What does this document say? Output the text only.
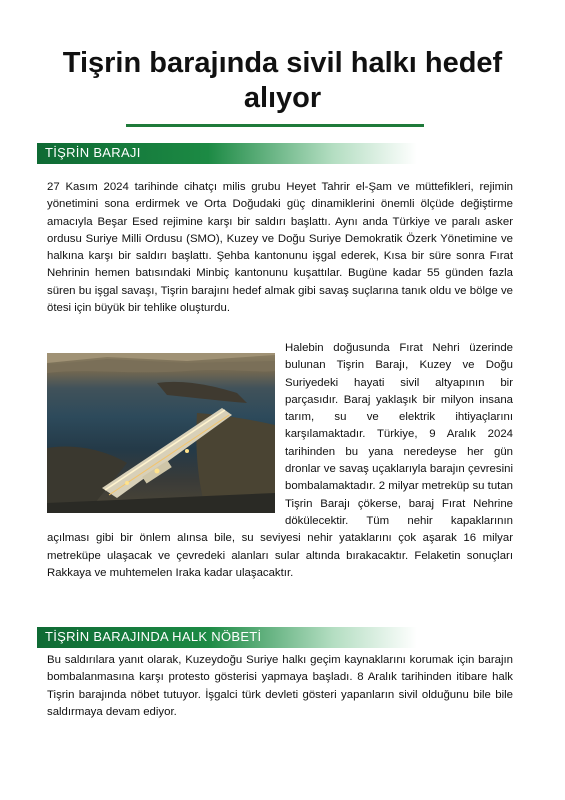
Tişrin barajında sivil halkı hedef alıyor
TİŞRİN BARAJI
27 Kasım 2024 tarihinde cihatçı milis grubu Heyet Tahrir el-Şam ve müttefikleri, rejimin yönetimini sona erdirmek ve Orta Doğudaki güç dinamiklerini önemli ölçüde değiştirme amacıyla Beşar Esed rejimine karşı bir saldırı başlattı. Aynı anda Türkiye ve paralı asker ordusu Suriye Milli Ordusu (SMO), Kuzey ve Doğu Suriye Demokratik Özerk Yönetimine ve halkına karşı bir saldırı başlattı. Şehba kantonunu işgal ederek, Kısa bir süre sonra Fırat Nehrinin hemen batısındaki Minbiç kantonunu kuşattılar. Bugüne kadar 55 günden fazla süren bu işgal savaşı, Tişrin barajını hedef almak gibi savaş suçlarına tanık oldu ve bölge ve ötesi için büyük bir tehlike oluşturdu.
Halebin doğusunda Fırat Nehri üzerinde bulunan Tişrin Barajı, Kuzey ve Doğu Suriyedeki hayati sivil altyapının bir parçasıdır. Baraj yaklaşık bir milyon insana tarım, su ve elektrik ihtiyaçlarını karşılamaktadır. Türkiye, 9 Aralık 2024 tarihinden bu yana neredeyse her gün dronlar ve savaş uçaklarıyla barajın çevresini bombalamaktadır. 2 milyar metreküp su tutan Tişrin Barajı çökerse, baraj Fırat Nehrine dökülecektir. Tüm nehir kapaklarının açılması gibi bir önlem alınsa bile, su seviyesi nehir yataklarını çok aşarak 16 milyar metreküpe ulaşacak ve çevredeki alanları sular altında bırakacaktır. Felaketin sonuçları Rakkaya ve muhtemelen Iraka kadar ulaşacaktır.
TİŞRİN BARAJINDA HALK NÖBETİ
Bu saldırılara yanıt olarak, Kuzeydoğu Suriye halkı geçim kaynaklarını korumak için barajın bombalanmasına karşı protesto gösterisi yapmaya başladı. 8 Aralık tarihinden itibare halk Tişrin barajında nöbet tutuyor. İşgalci türk devleti gösteri yapanların sivil olduğunu bile bile saldırmaya devam ediyor.
